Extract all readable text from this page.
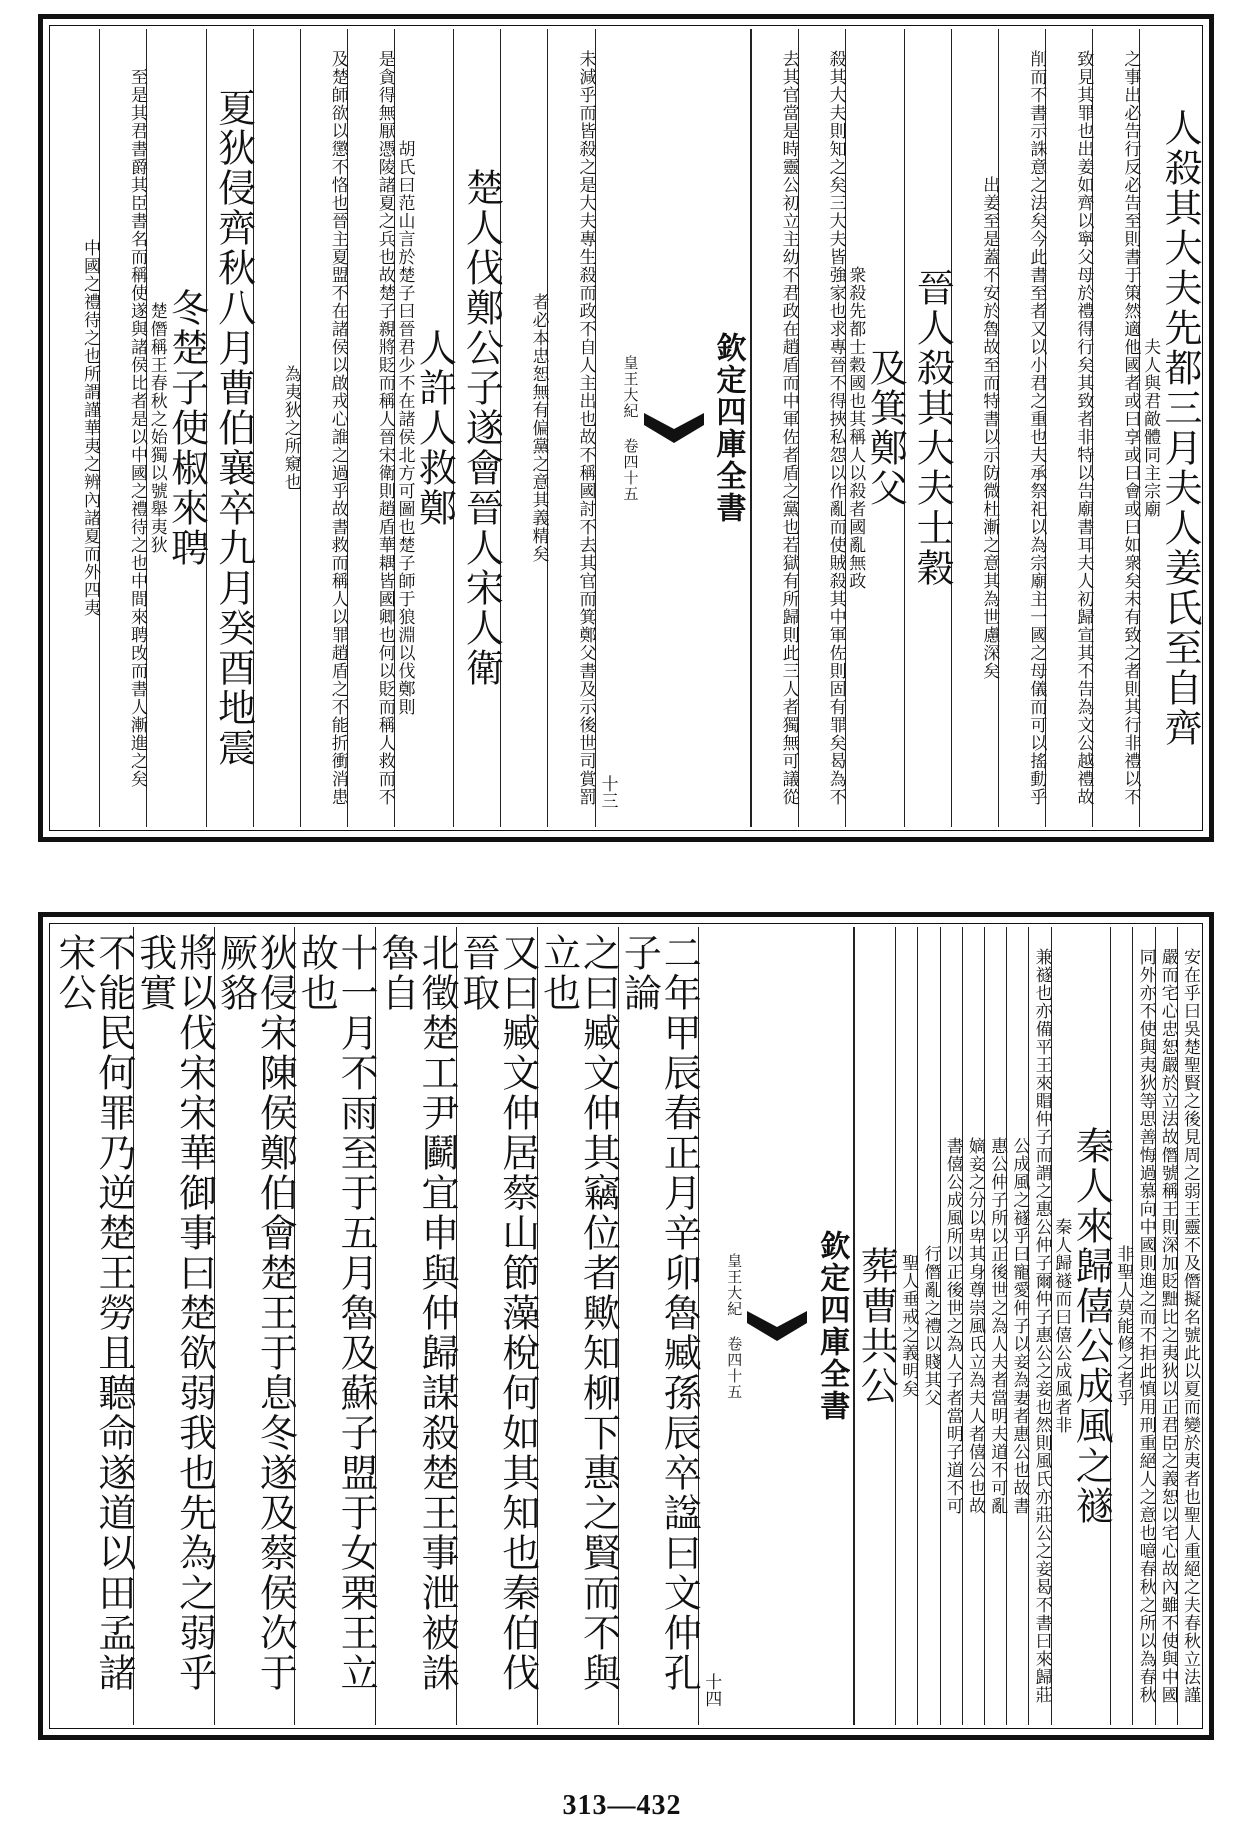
人殺其大夫先都三月夫人姜氏至自齊
夫人與君敵體同主宗廟
之事出必告行反必告至則書于策然適他國者或曰享或曰會或曰如衆矣未有致之者則其行非禮以不
致見其罪也出姜如齊以寧父母於禮得行矣其致者非特以告廟書耳夫人初歸宣其不告為文公越禮故
削而不書示誅意之法矣今此書至者又以小君之重也夫承祭祀以為宗廟主一國之母儀而可以搖動乎
出姜至是蓋不安於魯故至而特書以示防微杜漸之意其為世慮深矣
晉人殺其大夫士穀
及箕鄭父
衆殺先都士穀國也其稱人以殺者國亂無政
殺其大夫則知之矣三大夫皆強家也求專晉不得挾私怨以作亂而使賊殺其中軍佐則固有罪矣曷為不
去其官當是時靈公初立主幼不君政在趙盾而中軍佐者盾之黨也若獄有所歸則此三人者獨無可議從
欽定四庫全書
皇王大紀 卷四十五
十三
未減乎而皆殺之是大夫專生殺而政不自人主出也故不稱國討不去其官而箕鄭父書及示後世司賞罰
者必本忠恕無有偏黨之意其義精矣
楚人伐鄭公子遂會晉人宋人衛
人許人救鄭
胡氏曰范山言於楚子曰晉君少不在諸侯北方可圖也楚子師于狼淵以伐鄭則
是貪得無厭憑陵諸夏之兵也故楚子親將貶而稱人晉宋衛則趙盾華耦皆國卿也何以貶而稱人救而不
及楚師欲以懲不恪也晉主夏盟不在諸侯以啟戎心誰之過乎故書救而稱人以罪趙盾之不能折衝消患
為夷狄之所窺也
夏狄侵齊秋八月曹伯襄卒九月癸酉地震
冬楚子使椒來聘
楚僭稱王春秋之始獨以號舉夷狄
至是其君書爵其臣書名而稱使遂與諸侯比者是以中國之禮待之也中間來聘攺而書人漸進之矣
中國之禮待之也所謂謹華夷之辨內諸夏而外四夷
安在乎曰吳楚聖賢之後見周之弱王靈不及僭擬名號此以夏而變於夷者也聖人重絕之夫春秋立法謹
嚴而宅心忠恕嚴於立法故僭號稱王則深加貶黜比之夷狄以正君臣之義恕以宅心故內雖不使與中國
同外亦不使與夷狄等思善悔過慕向中國則進之而不拒此慎用刑重絕人之意也噫春秋之所以為春秋
非聖人莫能修之者乎
秦人來歸僖公成風之禭
秦人歸禭而曰僖公成風者非
兼禭也亦備平王來賵仲子而謂之惠公仲子爾仲子惠公之妾也然則風氏亦莊公之妾曷不書曰來歸莊
公成風之禭乎曰寵愛仲子以妾為妻者惠公也故書
惠公仲子所以正後世之為人夫者當明夫道不可亂
嫡妾之分以卑其身尊崇風氏立為夫人者僖公也故
書僖公成風所以正後世之為人子者當明子道不可
行僭亂之禮以賤其父
聖人垂戒之義明矣
葬曹共公
欽定四庫全書
皇王大紀 卷四十五
十四
二年甲辰春正月辛卯魯臧孫辰卒諡曰文仲孔子論
之曰臧文仲其竊位者歟知柳下惠之賢而不與立也
又曰臧文仲居蔡山節藻梲何如其知也秦伯伐晉取
北徵楚工尹鬬宜申與仲歸謀殺楚王事泄被誅魯自
十一月不雨至于五月魯及蘇子盟于女栗王立故也
狄侵宋陳侯鄭伯會楚王于息冬遂及蔡侯次于厥貉
將以伐宋宋華御事曰楚欲弱我也先為之弱乎我實
不能民何罪乃逆楚王勞且聽命遂道以田孟諸宋公
313—432
